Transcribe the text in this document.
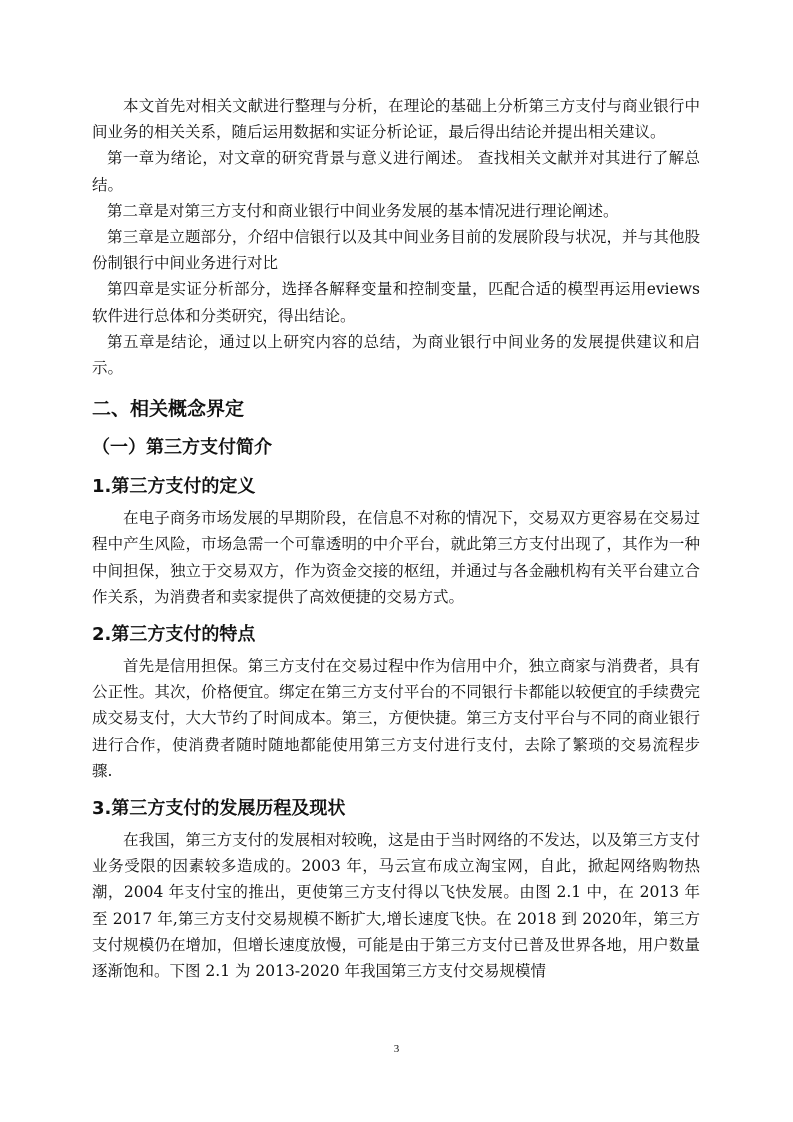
本文首先对相关文献进行整理与分析，在理论的基础上分析第三方支付与商业银行中间业务的相关关系，随后运用数据和实证分析论证，最后得出结论并提出相关建议。

第一章为绪论，对文章的研究背景与意义进行阐述。 查找相关文献并对其进行了解总结。

第二章是对第三方支付和商业银行中间业务发展的基本情况进行理论阐述。

第三章是立题部分，介绍中信银行以及其中间业务目前的发展阶段与状况，并与其他股份制银行中间业务进行对比

第四章是实证分析部分，选择各解释变量和控制变量，匹配合适的模型再运用eviews 软件进行总体和分类研究，得出结论。

第五章是结论，通过以上研究内容的总结，为商业银行中间业务的发展提供建议和启示。

二、相关概念界定
（一）第三方支付简介
1.第三方支付的定义

在电子商务市场发展的早期阶段，在信息不对称的情况下，交易双方更容易在交易过程中产生风险，市场急需一个可靠透明的中介平台，就此第三方支付出现了，其作为一种中间担保，独立于交易双方，作为资金交接的枢纽，并通过与各金融机构有关平台建立合作关系，为消费者和卖家提供了高效便捷的交易方式。

2.第三方支付的特点

首先是信用担保。第三方支付在交易过程中作为信用中介，独立商家与消费者，具有公正性。其次，价格便宜。绑定在第三方支付平台的不同银行卡都能以较便宜的手续费完成交易支付，大大节约了时间成本。第三，方便快捷。第三方支付平台与不同的商业银行进行合作，使消费者随时随地都能使用第三方支付进行支付，去除了繁琐的交易流程步骤.

3.第三方支付的发展历程及现状

在我国，第三方支付的发展相对较晚，这是由于当时网络的不发达，以及第三方支付业务受限的因素较多造成的。2003 年，马云宣布成立淘宝网，自此，掀起网络购物热潮，2004 年支付宝的推出，更使第三方支付得以飞快发展。由图 2.1 中，在 2013 年至 2017 年,第三方支付交易规模不断扩大,增长速度飞快。在 2018 到 2020年，第三方支付规模仍在增加，但增长速度放慢，可能是由于第三方支付已普及世界各地，用户数量逐渐饱和。下图 2.1 为 2013-2020 年我国第三方支付交易规模情

3
